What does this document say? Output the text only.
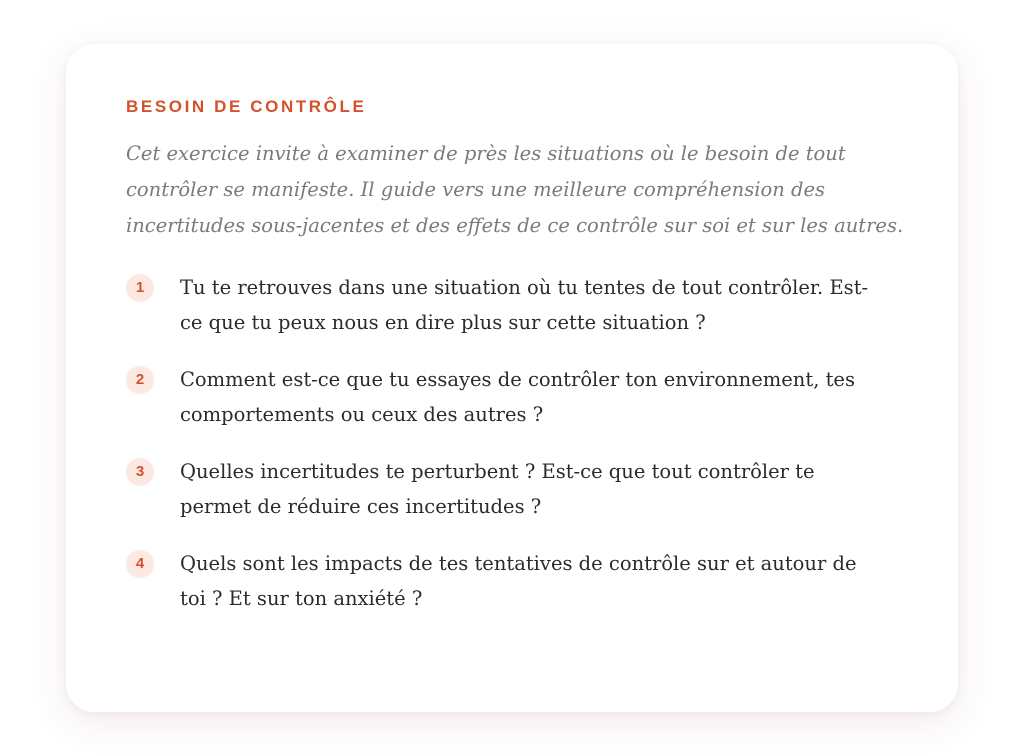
BESOIN DE CONTRÔLE

Cet exercice invite à examiner de près les situations où le besoin de tout contrôler se manifeste. Il guide vers une meilleure compréhension des incertitudes sous-jacentes et des effets de ce contrôle sur soi et sur les autres.

1	Tu te retrouves dans une situation où tu tentes de tout contrôler. Est-ce que tu peux nous en dire plus sur cette situation ?
2	Comment est-ce que tu essayes de contrôler ton environnement, tes comportements ou ceux des autres ?
3	Quelles incertitudes te perturbent ? Est-ce que tout contrôler te permet de réduire ces incertitudes ?
4	Quels sont les impacts de tes tentatives de contrôle sur et autour de toi ? Et sur ton anxiété ?
